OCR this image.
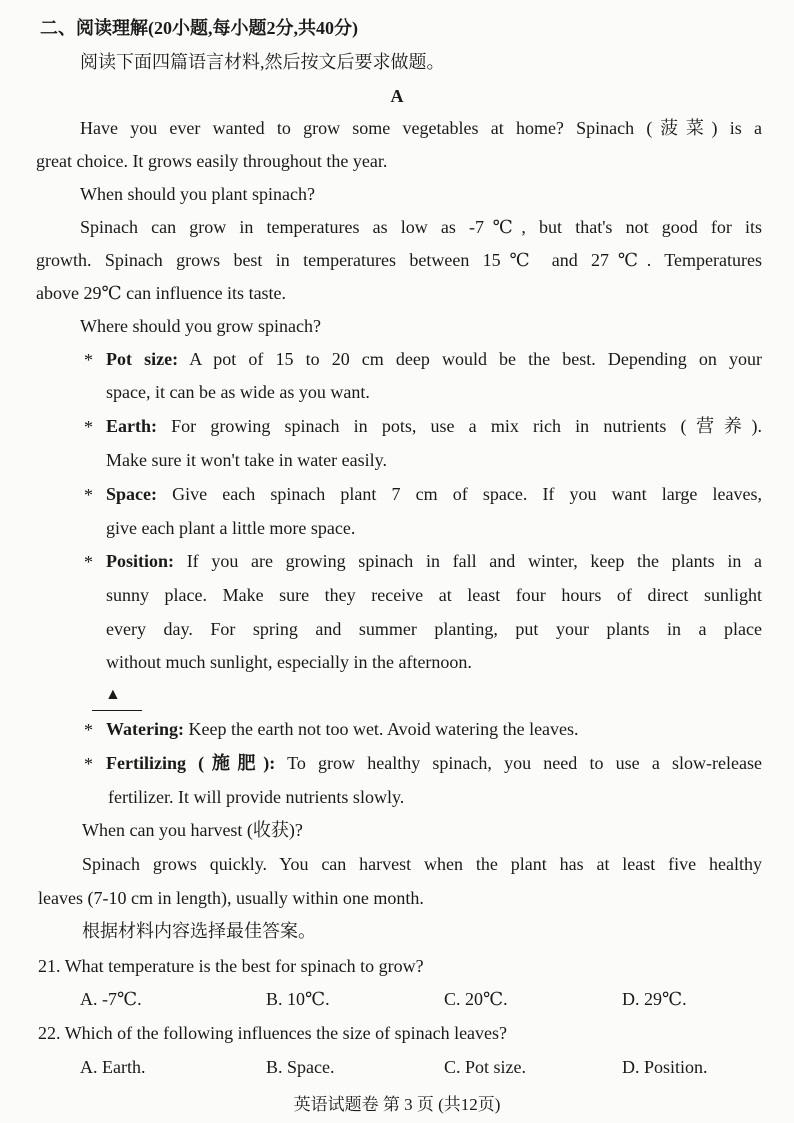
二、阅读理解(20小题,每小题2分,共40分)
阅读下面四篇语言材料,然后按文后要求做题。
A
Have you ever wanted to grow some vegetables at home? Spinach (菠菜) is a
great choice. It grows easily throughout the year.
When should you plant spinach?
Spinach can grow in temperatures as low as -7℃, but that's not good for its
growth. Spinach grows best in temperatures between 15℃ and 27℃. Temperatures
above 29℃ can influence its taste.
Where should you grow spinach?
* Pot size: A pot of 15 to 20 cm deep would be the best. Depending on your
space, it can be as wide as you want.
* Earth: For growing spinach in pots, use a mix rich in nutrients (营养).
Make sure it won't take in water easily.
* Space: Give each spinach plant 7 cm of space. If you want large leaves,
give each plant a little more space.
* Position: If you are growing spinach in fall and winter, keep the plants in a
sunny place. Make sure they receive at least four hours of direct sunlight
every day. For spring and summer planting, put your plants in a place
without much sunlight, especially in the afternoon.
▲
* Watering: Keep the earth not too wet. Avoid watering the leaves.
* Fertilizing (施肥): To grow healthy spinach, you need to use a slow-release
fertilizer. It will provide nutrients slowly.
When can you harvest (收获)?
Spinach grows quickly. You can harvest when the plant has at least five healthy
leaves (7-10 cm in length), usually within one month.
根据材料内容选择最佳答案。
21. What temperature is the best for spinach to grow?
A. -7℃.	B. 10℃.	C. 20℃.	D. 29℃.
22. Which of the following influences the size of spinach leaves?
A. Earth.	B. Space.	C. Pot size.	D. Position.
英语试题卷 第 3 页 (共12页)
